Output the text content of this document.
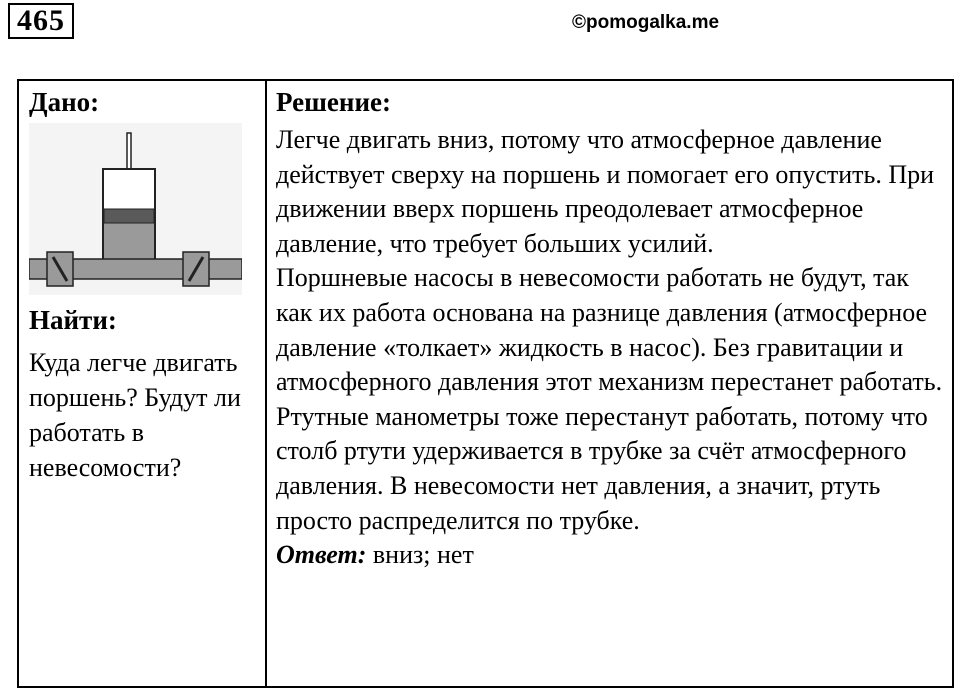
465	©pomogalka.me
Дано:
Найти:
Куда легче двигать поршень? Будут ли работать в невесомости?
Решение:

Легче двигать вниз, потому что атмосферное давление действует сверху на поршень и помогает его опустить. При движении вверх поршень преодолевает атмосферное давление, что требует больших усилий.

Поршневые насосы в невесомости работать не будут, так как их работа основана на разнице давления (атмосферное давление «толкает» жидкость в насос). Без гравитации и атмосферного давления этот механизм перестанет работать.

Ртутные манометры тоже перестанут работать, потому что столб ртути удерживается в трубке за счёт атмосферного давления. В невесомости нет давления, а значит, ртуть просто распределится по трубке.

Ответ: вниз; нет
